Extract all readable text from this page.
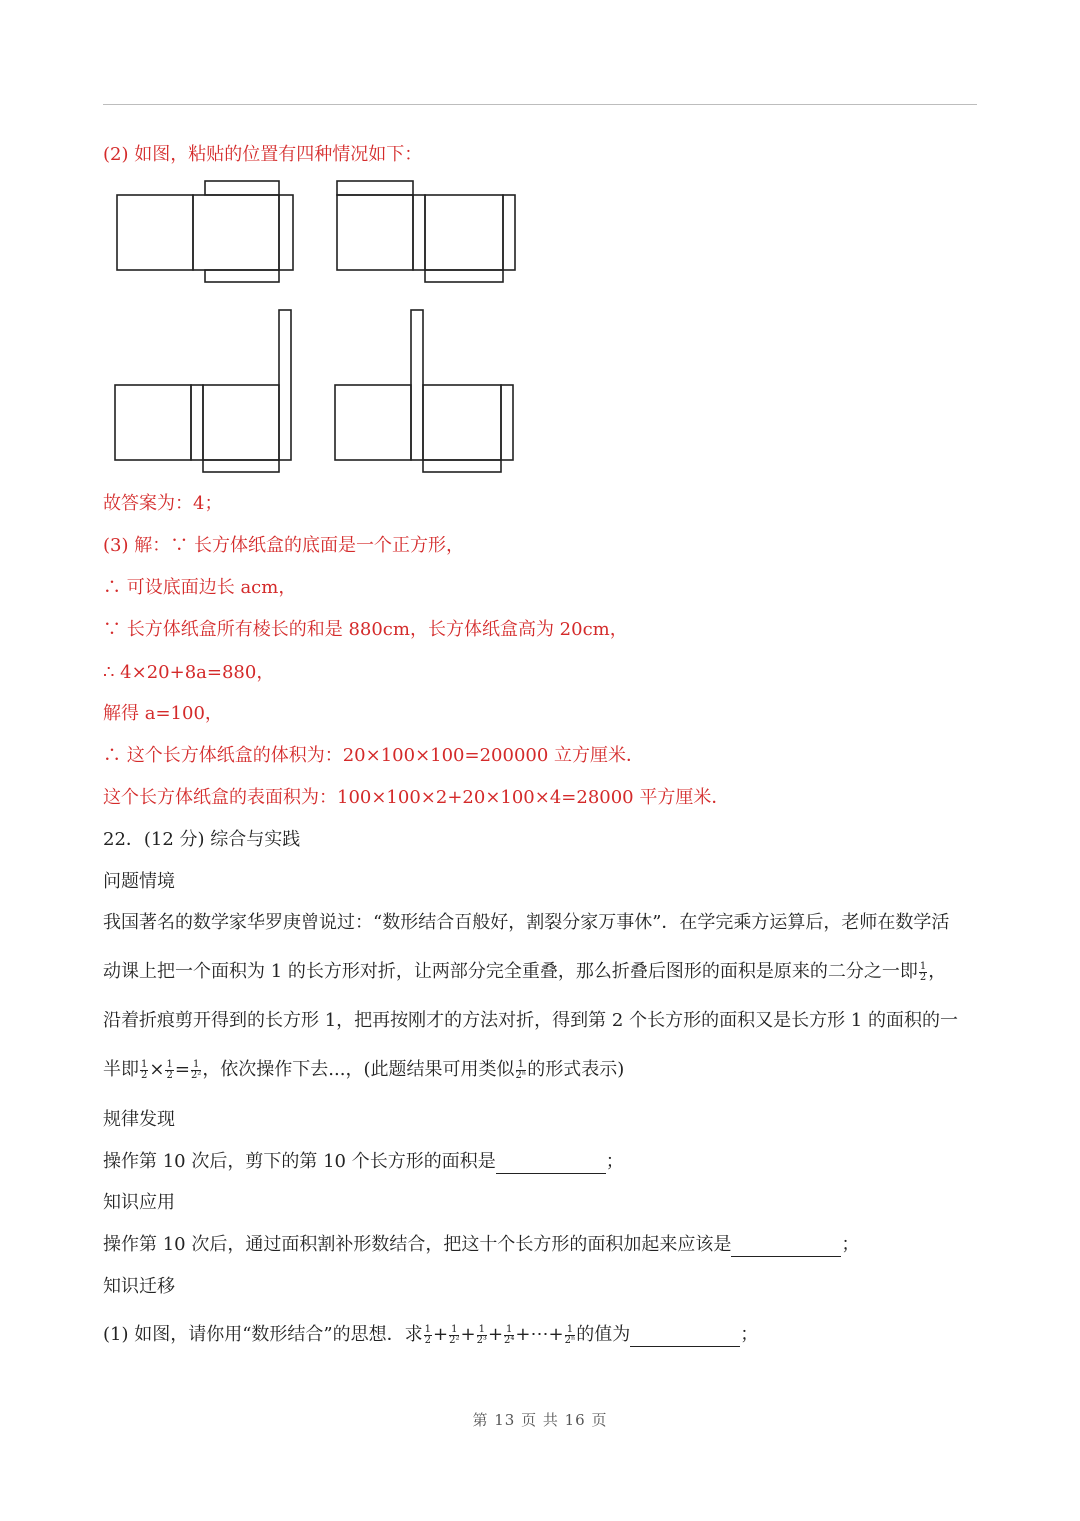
(2) 如图，粘贴的位置有四种情况如下：
故答案为：4；
(3) 解：∵ 长方体纸盒的底面是一个正方形，
∴ 可设底面边长 acm，
∵ 长方体纸盒所有棱长的和是 880cm，长方体纸盒高为 20cm，
∴ 4×20+8a=880，
解得 a=100，
∴ 这个长方体纸盒的体积为：20×100×100=200000 立方厘米．
这个长方体纸盒的表面积为：100×100×2+20×100×4=28000 平方厘米．
22．(12 分) 综合与实践
问题情境
我国著名的数学家华罗庚曾说过：“数形结合百般好，割裂分家万事休”．在学完乘方运算后，老师在数学活
动课上把一个面积为 1 的长方形对折，让两部分完全重叠，那么折叠后图形的面积是原来的二分之一即 $\frac{1}{2}$ ，
沿着折痕剪开得到的长方形 1，把再按刚才的方法对折，得到第 2 个长方形的面积又是长方形 1 的面积的一
半即 $\frac{1}{2} \times \frac{1}{2} = \frac{1}{\text{2²}}$ ，依次操作下去...，(此题结果可用类似 $\frac{1}{\text{2ⁿ}}$ 的形式表示)
规律发现
操作第 10 次后，剪下的第 10 个长方形的面积是	；
知识应用
操作第 10 次后，通过面积割补形数结合，把这十个长方形的面积加起来应该是	；
知识迁移
(1) 如图，请你用“数形结合”的思想．求 $\frac{1}{2} + \frac{1}{\text{2²}} + \frac{1}{\text{2³}} + \frac{1}{\text{2⁴}}$ +⋯+ $\frac{1}{\text{2ⁿ}}$ 的值为	；
第 13 页 共 16 页
